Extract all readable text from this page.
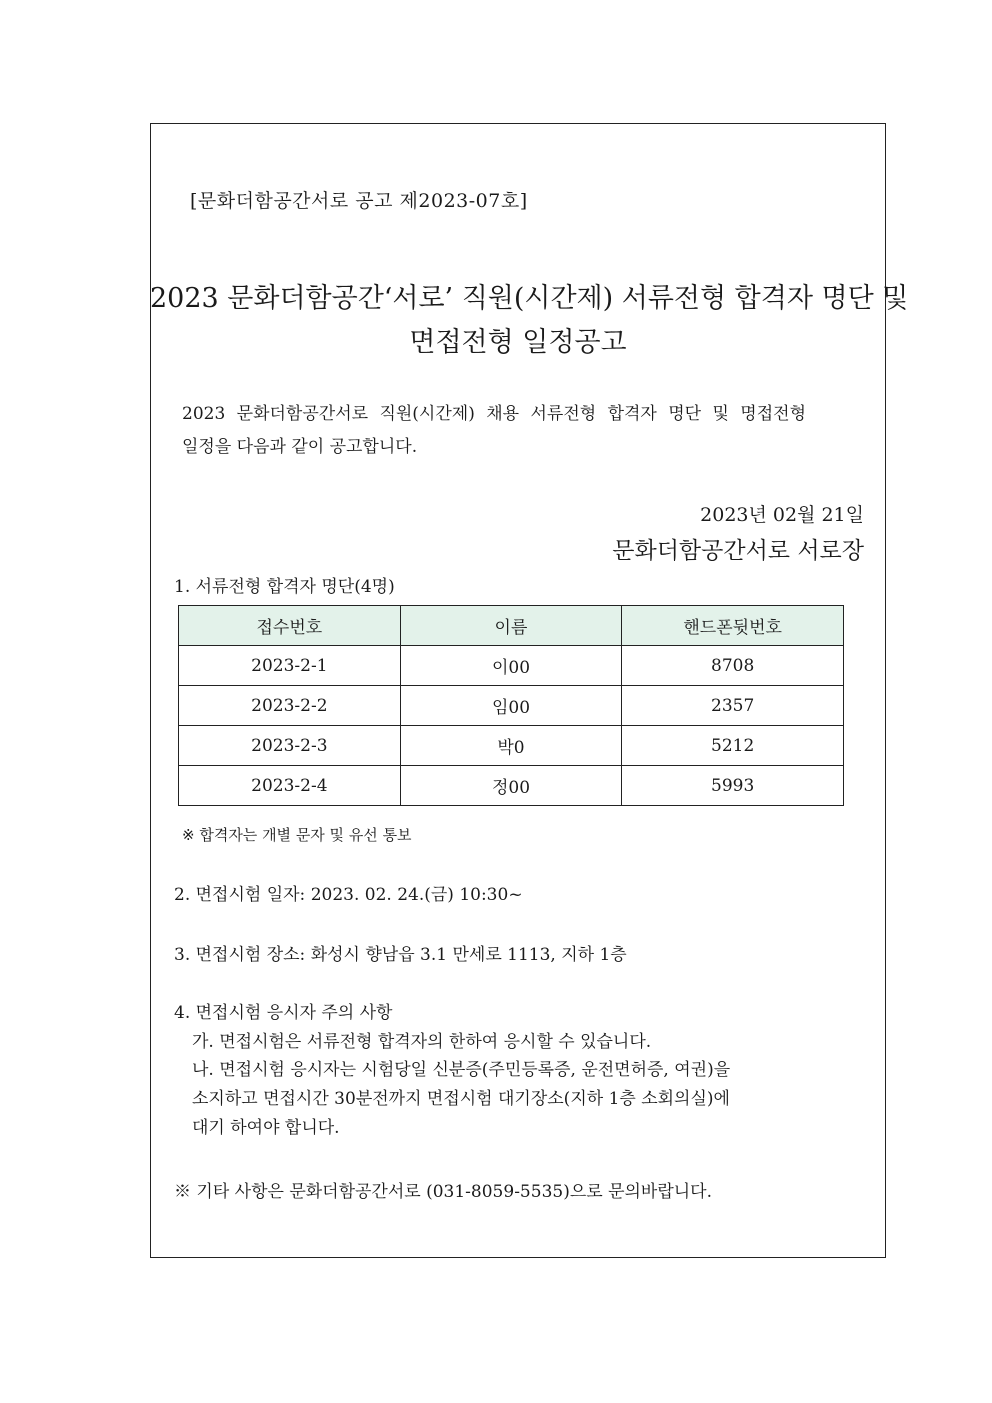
[문화더함공간서로 공고 제2023-07호]
2023 문화더함공간‘서로’ 직원(시간제) 서류전형 합격자 명단 및
면접전형 일정공고
2023 문화더함공간서로 직원(시간제) 채용 서류전형 합격자 명단 및 명접전형
일정을 다음과 같이 공고합니다.
2023년 02월 21일
문화더함공간서로 서로장
1. 서류전형 합격자 명단(4명)
접수번호	이름	핸드폰뒷번호
2023-2-1	이00	8708
2023-2-2	임00	2357
2023-2-3	박0	5212
2023-2-4	정00	5993
※ 합격자는 개별 문자 및 유선 통보
2. 면접시험 일자: 2023. 02. 24.(금) 10:30~
3. 면접시험 장소: 화성시 향남읍 3.1 만세로 1113, 지하 1층
4. 면접시험 응시자 주의 사항
가. 면접시험은 서류전형 합격자의 한하여 응시할 수 있습니다.
나. 면접시험 응시자는 시험당일 신분증(주민등록증, 운전면허증, 여권)을
소지하고 면접시간 30분전까지 면접시험 대기장소(지하 1층 소회의실)에
대기 하여야 합니다.
※ 기타 사항은 문화더함공간서로 (031-8059-5535)으로 문의바랍니다.
